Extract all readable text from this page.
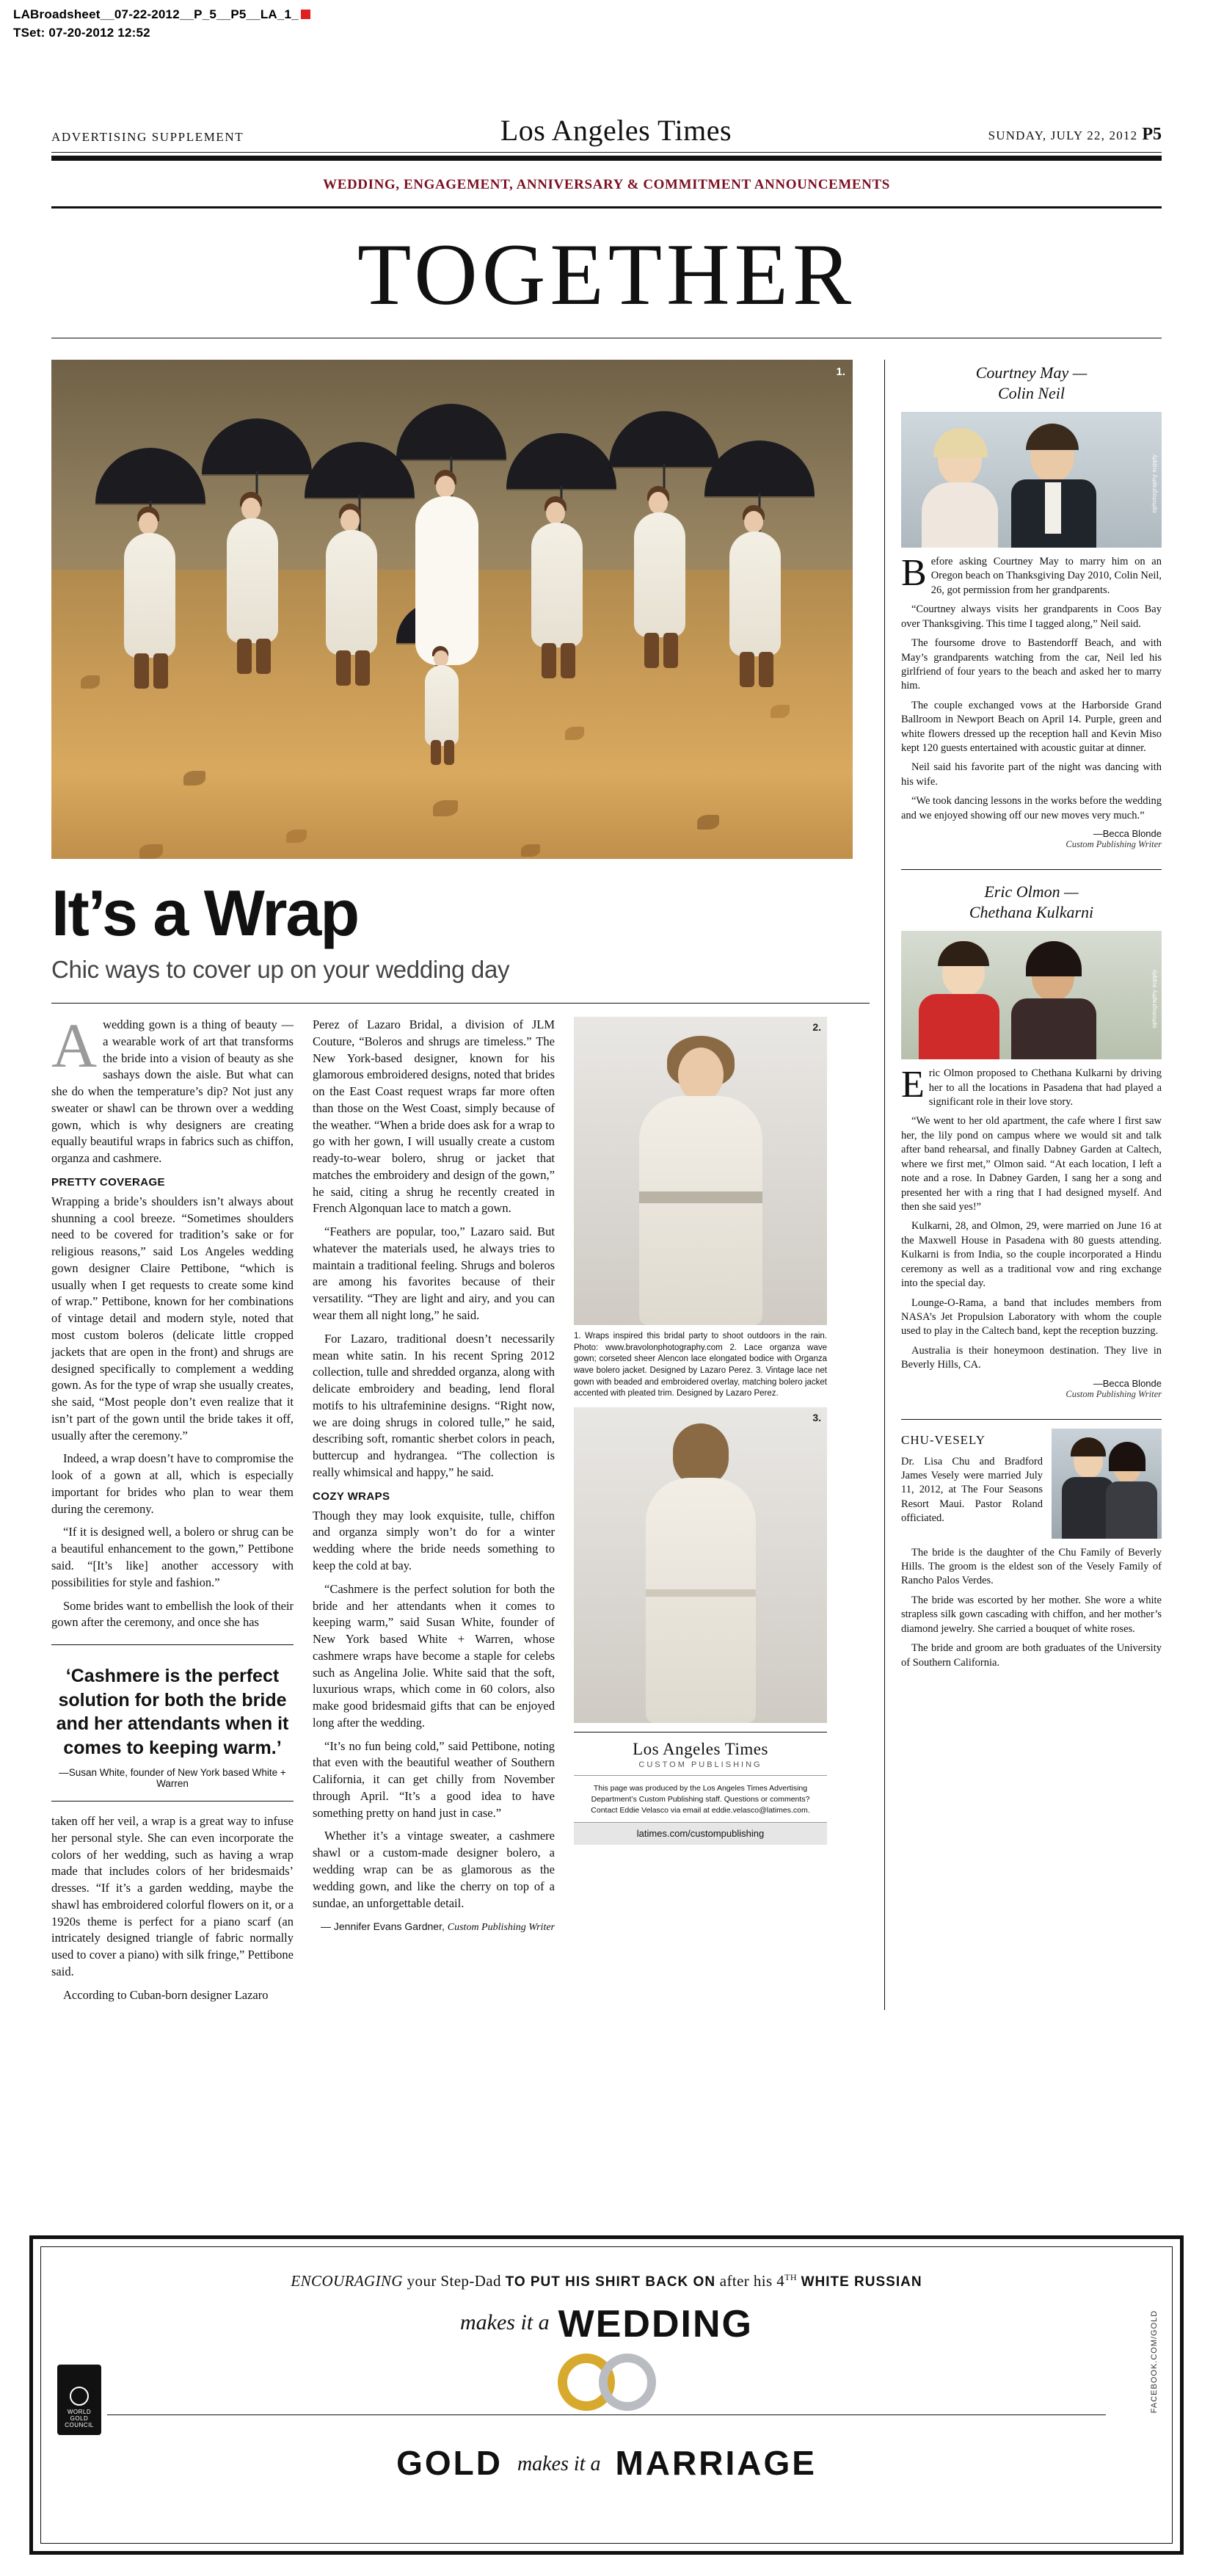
LABroadsheet__07-22-2012__P_5__P5__LA_1_
TSet: 07-20-2012 12:52
ADVERTISING SUPPLEMENT	Los Angeles Times	SUNDAY, JULY 22, 2012 P5
WEDDING, ENGAGEMENT, ANNIVERSARY & COMMITMENT ANNOUNCEMENTS
TOGETHER
1.
It’s a Wrap
Chic ways to cover up on your wedding day

Awedding gown is a thing of beauty — a wearable work of art that transforms the bride into a vision of beauty as she sashays down the aisle. But what can she do when the temperature’s dip? Not just any sweater or shawl can be thrown over a wedding gown, which is why designers are creating equally beautiful wraps in fabrics such as chiffon, organza and cashmere.

PRETTY COVERAGE

Wrapping a bride’s shoulders isn’t always about shunning a cool breeze. “Sometimes shoulders need to be covered for tradition’s sake or for religious reasons,” said Los Angeles wedding gown designer Claire Pettibone, “which is usually when I get requests to create some kind of wrap.” Pettibone, known for her combinations of vintage detail and modern style, noted that most custom boleros (delicate little cropped jackets that are open in the front) and shrugs are designed specifically to complement a wedding gown. As for the type of wrap she usually creates, she said, “Most people don’t even realize that it isn’t part of the gown until the bride takes it off, usually after the ceremony.”

Indeed, a wrap doesn’t have to compromise the look of a gown at all, which is especially important for brides who plan to wear them during the ceremony.

“If it is designed well, a bolero or shrug can be a beautiful enhancement to the gown,” Pettibone said. “[It’s like] another accessory with possibilities for style and fashion.”

Some brides want to embellish the look of their gown after the ceremony, and once she has

‘Cashmere is the perfect solution for both the bride and her attendants when it comes to keeping warm.’
—Susan White, founder of New York based White + Warren

taken off her veil, a wrap is a great way to infuse her personal style. She can even incorporate the colors of her wedding, such as having a wrap made that includes colors of her bridesmaids’ dresses. “If it’s a garden wedding, maybe the shawl has embroidered colorful flowers on it, or a 1920s theme is perfect for a piano scarf (an intricately designed triangle of fabric normally used to cover a piano) with silk fringe,” Pettibone said.

According to Cuban-born designer Lazaro

Perez of Lazaro Bridal, a division of JLM Couture, “Boleros and shrugs are timeless.” The New York-based designer, known for his glamorous embroidered designs, noted that brides on the East Coast request wraps far more often than those on the West Coast, simply because of the weather. “When a bride does ask for a wrap to go with her gown, I will usually create a custom ready-to-wear bolero, shrug or jacket that matches the embroidery and design of the gown,” he said, citing a shrug he recently created in French Algonquan lace to match a gown.

“Feathers are popular, too,” Lazaro said. But whatever the materials used, he always tries to maintain a traditional feeling. Shrugs and boleros are among his favorites because of their versatility. “They are light and airy, and you can wear them all night long,” he said.

For Lazaro, traditional doesn’t necessarily mean white satin. In his recent Spring 2012 collection, tulle and shredded organza, along with delicate embroidery and beading, lend floral motifs to his ultrafeminine designs. “Right now, we are doing shrugs in colored tulle,” he said, describing soft, romantic sherbet colors in peach, buttercup and hydrangea. “The collection is really whimsical and happy,” he said.

COZY WRAPS

Though they may look exquisite, tulle, chiffon and organza simply won’t do for a winter wedding where the bride needs something to keep the cold at bay.

“Cashmere is the perfect solution for both the bride and her attendants when it comes to keeping warm,” said Susan White, founder of New York based White + Warren, whose cashmere wraps have become a staple for celebs such as Angelina Jolie. White said that the soft, luxurious wraps, which come in 60 colors, also make good bridesmaid gifts that can be enjoyed long after the wedding.

“It’s no fun being cold,” said Pettibone, noting that even with the beautiful weather of Southern California, it can get chilly from November through April. “It’s a good idea to have something pretty on hand just in case.”

Whether it’s a vintage sweater, a cashmere shawl or a custom-made designer bolero, a wedding wrap can be as glamorous as the wedding gown, and like the cherry on top of a sundae, an unforgettable detail.

— Jennifer Evans Gardner, Custom Publishing Writer
2.
1. Wraps inspired this bridal party to shoot outdoors in the rain. Photo: www.bravolonphotography.com 2. Lace organza wave gown; corseted sheer Alencon lace elongated bodice with Organza wave bolero jacket. Designed by Lazaro Perez. 3. Vintage lace net gown with beaded and embroidered overlay, matching bolero jacket accented with pleated trim. Designed by Lazaro Perez.
3.
Los Angeles Times
CUSTOM PUBLISHING
This page was produced by the Los Angeles Times Advertising Department’s Custom Publishing staff. Questions or comments? Contact Eddie Velasco via email at eddie.velasco@latimes.com.
latimes.com/custompublishing
Courtney May —
Colin Neil
ophotography supply

Before asking Courtney May to marry him on an Oregon beach on Thanksgiving Day 2010, Colin Neil, 26, got permission from her grandparents.

“Courtney always visits her grandparents in Coos Bay over Thanksgiving. This time I tagged along,” Neil said.

The foursome drove to Bastendorff Beach, and with May’s grandparents watching from the car, Neil led his girlfriend of four years to the beach and asked her to marry him.

The couple exchanged vows at the Harborside Grand Ballroom in Newport Beach on April 14. Purple, green and white flowers dressed up the reception hall and Kevin Miso kept 120 guests entertained with acoustic guitar at dinner.

Neil said his favorite part of the night was dancing with his wife.

“We took dancing lessons in the works before the wedding and we enjoyed showing off our new moves very much.”

—Becca Blonde
Custom Publishing Writer
Eric Olmon —
Chethana Kulkarni
ophotography supply

Eric Olmon proposed to Chethana Kulkarni by driving her to all the locations in Pasadena that had played a significant role in their love story.

“We went to her old apartment, the cafe where I first saw her, the lily pond on campus where we would sit and talk after band rehearsal, and finally Dabney Garden at Caltech, where we first met,” Olmon said. “At each location, I left a note and a rose. In Dabney Garden, I sang her a song and presented her with a ring that I had designed myself. And then she said yes!”

Kulkarni, 28, and Olmon, 29, were married on June 16 at the Maxwell House in Pasadena with 80 guests attending. Kulkarni is from India, so the couple incorporated a Hindu ceremony as well as a traditional vow and ring exchange into the special day.

Lounge-O-Rama, a band that includes members from NASA’s Jet Propulsion Laboratory with whom the couple used to play in the Caltech band, kept the reception buzzing.

Australia is their honeymoon destination. They live in Beverly Hills, CA.

—Becca Blonde
Custom Publishing Writer
CHU-VESELY

Dr. Lisa Chu and Bradford James Vesely were married July 11, 2012, at The Four Seasons Resort Maui. Pastor Roland officiated.

The bride is the daughter of the Chu Family of Beverly Hills. The groom is the eldest son of the Vesely Family of Rancho Palos Verdes.

The bride was escorted by her mother. She wore a white strapless silk gown cascading with chiffon, and her mother’s diamond jewelry. She carried a bouquet of white roses.

The bride and groom are both graduates of the University of Southern California.

ENCOURAGING your Step-Dad TO PUT HIS SHIRT BACK ON after his 4TH WHITE RUSSIAN
makes it a WEDDING
GOLD makes it a MARRIAGE
WORLD
GOLD
COUNCIL
FACEBOOK.COM/GOLD
